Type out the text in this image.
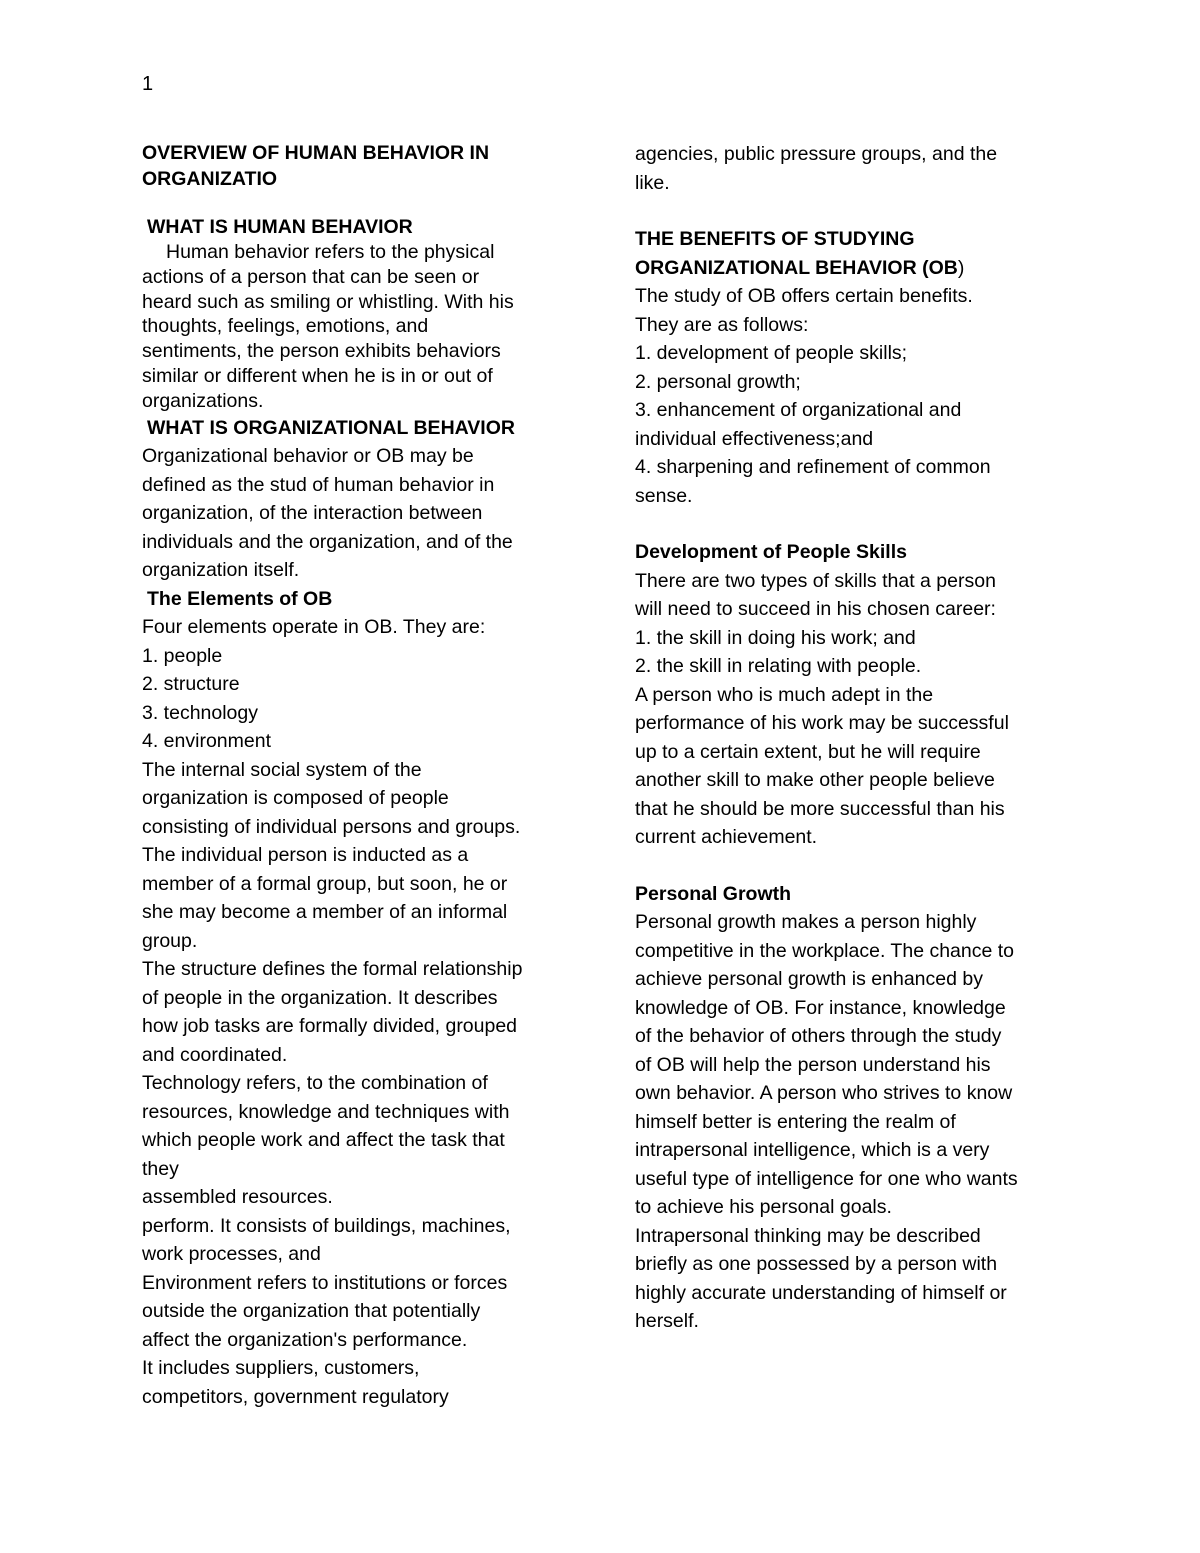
1
OVERVIEW OF HUMAN BEHAVIOR IN
ORGANIZATIO
WHAT IS HUMAN BEHAVIOR
Human behavior refers to the physical
actions of a person that can be seen or
heard such as smiling or whistling. With his
thoughts, feelings, emotions, and
sentiments, the person exhibits behaviors
similar or different when he is in or out of
organizations.
WHAT IS ORGANIZATIONAL BEHAVIOR
Organizational behavior or OB may be
defined as the stud of human behavior in
organization, of the interaction between
individuals and the organization, and of the
organization itself.
The Elements of OB
Four elements operate in OB. They are:
1. people
2. structure
3. technology
4. environment
The internal social system of the
organization is composed of people
consisting of individual persons and groups.
The individual person is inducted as a
member of a formal group, but soon, he or
she may become a member of an informal
group.
The structure defines the formal relationship
of people in the organization. It describes
how job tasks are formally divided, grouped
and coordinated.
Technology refers, to the combination of
resources, knowledge and techniques with
which people work and affect the task that
they
assembled resources.
perform. It consists of buildings, machines,
work processes, and
Environment refers to institutions or forces
outside the organization that potentially
affect the organization's performance.
It includes suppliers, customers,
competitors, government regulatory
agencies, public pressure groups, and the
like.
THE BENEFITS OF STUDYING
ORGANIZATIONAL BEHAVIOR (OB)
The study of OB offers certain benefits.
They are as follows:
1. development of people skills;
2. personal growth;
3. enhancement of organizational and
individual effectiveness;and
4. sharpening and refinement of common
sense.
Development of People Skills
There are two types of skills that a person
will need to succeed in his chosen career:
1. the skill in doing his work; and
2. the skill in relating with people.
A person who is much adept in the
performance of his work may be successful
up to a certain extent, but he will require
another skill to make other people believe
that he should be more successful than his
current achievement.
Personal Growth
Personal growth makes a person highly
competitive in the workplace. The chance to
achieve personal growth is enhanced by
knowledge of OB. For instance, knowledge
of the behavior of others through the study
of OB will help the person understand his
own behavior. A person who strives to know
himself better is entering the realm of
intrapersonal intelligence, which is a very
useful type of intelligence for one who wants
to achieve his personal goals.
Intrapersonal thinking may be described
briefly as one possessed by a person with
highly accurate understanding of himself or
herself.
